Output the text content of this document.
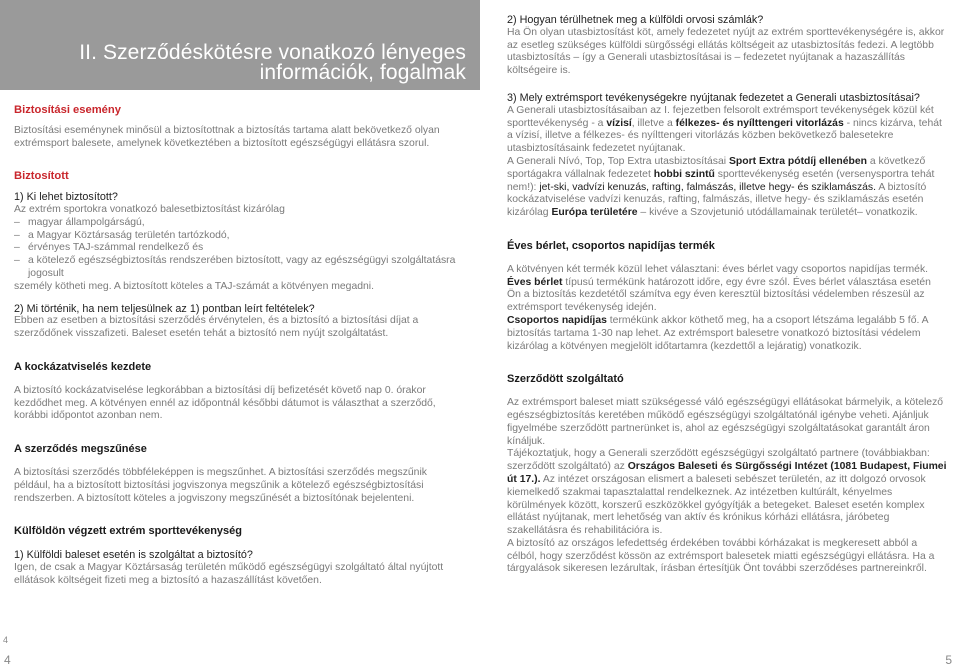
II. Szerződéskötésre vonatkozó lényeges
információk, fogalmak
Biztosítási esemény

Biztosítási eseménynek minősül a biztosítottnak a biztosítás tartama alatt bekövetkező olyan extrémsport balesete, amelynek következtében a biztosított egészségügyi ellátásra szorul.

Biztosított

1) Ki lehet biztosított?

Az extrém sportokra vonatkozó balesetbiztosítást kizárólag

– magyar állampolgárságú,
– a Magyar Köztársaság területén tartózkodó,
– érvényes TAJ-számmal rendelkező és
– a kötelező egészségbiztosítás rendszerében biztosított, vagy az egészségügyi szolgáltatásra jogosult

személy kötheti meg. A biztosított köteles a TAJ-számát a kötvényen megadni.

2) Mi történik, ha nem teljesülnek az 1) pontban leírt feltételek?

Ebben az esetben a biztosítási szerződés érvénytelen, és a biztosító a biztosítási díjat a szerződőnek visszafizeti. Baleset esetén tehát a biztosító nem nyújt szolgáltatást.

A kockázatviselés kezdete

A biztosító kockázatviselése legkorábban a biztosítási díj befizetését követő nap 0. órakor kezdődhet meg. A kötvényen ennél az időpontnál későbbi dátumot is választhat a szerződő, korábbi időpontot azonban nem.

A szerződés megszűnése

A biztosítási szerződés többféleképpen is megszűnhet. A biztosítási szerződés megszűnik például, ha a biztosított biztosítási jogviszonya megszűnik a kötelező egészségbiztosítási rendszerben. A biztosított köteles a jogviszony megszűnését a biztosítónak bejelenteni.

Külföldön végzett extrém sporttevékenység

1) Külföldi baleset esetén is szolgáltat a biztosító?

Igen, de csak a Magyar Köztársaság területén működő egészségügyi szolgáltató által nyújtott ellátások költségeit fizeti meg a biztosító a hazaszállítást követően.

2) Hogyan térülhetnek meg a külföldi orvosi számlák?

Ha Ön olyan utasbiztosítást köt, amely fedezetet nyújt az extrém sporttevékenységére is, akkor az esetleg szükséges külföldi sürgősségi ellátás költségeit az utasbiztosítás fedezi. A legtöbb utasbiztosítás – így a Generali utasbiztosításai is – fedezetet nyújtanak a hazaszállítás költségeire is.

3) Mely extrémsport tevékenységekre nyújtanak fedezetet a Generali utasbiztosításai?

A Generali utasbiztosításaiban az I. fejezetben felsorolt extrémsport tevékenységek közül két sporttevékenység - a vízisí, illetve a félkezes- és nyílttengeri vitorlázás - nincs kizárva, tehát a vízisí, illetve a félkezes- és nyílttengeri vitorlázás közben bekövetkező balesetekre utasbiztosításaink fedezetet nyújtanak.

A Generali Nívó, Top, Top Extra utasbiztosításai Sport Extra pótdíj ellenében a következő sportágakra vállalnak fedezetet hobbi szintű sporttevékenység esetén (versenysportra tehát nem!): jet-ski, vadvízi kenuzás, rafting, falmászás, illetve hegy- és sziklamászás. A biztosító kockázatviselése vadvízi kenuzás, rafting, falmászás, illetve hegy- és sziklamászás esetén kizárólag Európa területére – kivéve a Szovjetunió utódállamainak területét– vonatkozik.

Éves bérlet, csoportos napidíjas termék

A kötvényen két termék közül lehet választani: éves bérlet vagy csoportos napidíjas termék.

Éves bérlet típusú termékünk határozott időre, egy évre szól. Éves bérlet választása esetén Ön a biztosítás kezdetétől számítva egy éven keresztül biztosítási védelemben részesül az extrémsport tevékenység idején.

Csoportos napidíjas termékünk akkor köthető meg, ha a csoport létszáma legalább 5 fő. A biztosítás tartama 1-30 nap lehet. Az extrémsport balesetre vonatkozó biztosítási védelem kizárólag a kötvényen megjelölt időtartamra (kezdettől a lejáratig) vonatkozik.

Szerződött szolgáltató

Az extrémsport baleset miatt szükségessé váló egészségügyi ellátásokat bármelyik, a kötelező egészségbiztosítás keretében működő egészségügyi szolgáltatónál igénybe veheti. Ajánljuk figyelmébe szerződött partnerünket is, ahol az egészségügyi szolgáltatásokat garantált áron kínáljuk.

Tájékoztatjuk, hogy a Generali szerződött egészségügyi szolgáltató partnere (továbbiakban: szerződött szolgáltató) az Országos Baleseti és Sürgősségi Intézet (1081 Budapest, Fiumei út 17.). Az intézet országosan elismert a baleseti sebészet területén, az itt dolgozó orvosok kiemelkedő szakmai tapasztalattal rendelkeznek. Az intézetben kultúrált, kényelmes körülmények között, korszerű eszközökkel gyógyítják a betegeket. Baleset esetén komplex ellátást nyújtanak, mert lehetőség van aktív és krónikus kórházi ellátásra, járóbeteg szakellátásra és rehabilitációra is.

A biztosító az országos lefedettség érdekében további kórházakat is megkeresett abból a célból, hogy szerződést kössön az extrémsport balesetek miatti egészségügyi ellátásra. Ha a tárgyalások sikeresen lezárultak, írásban értesítjük Önt további szerződéses partnereinkről.

4
4	5
